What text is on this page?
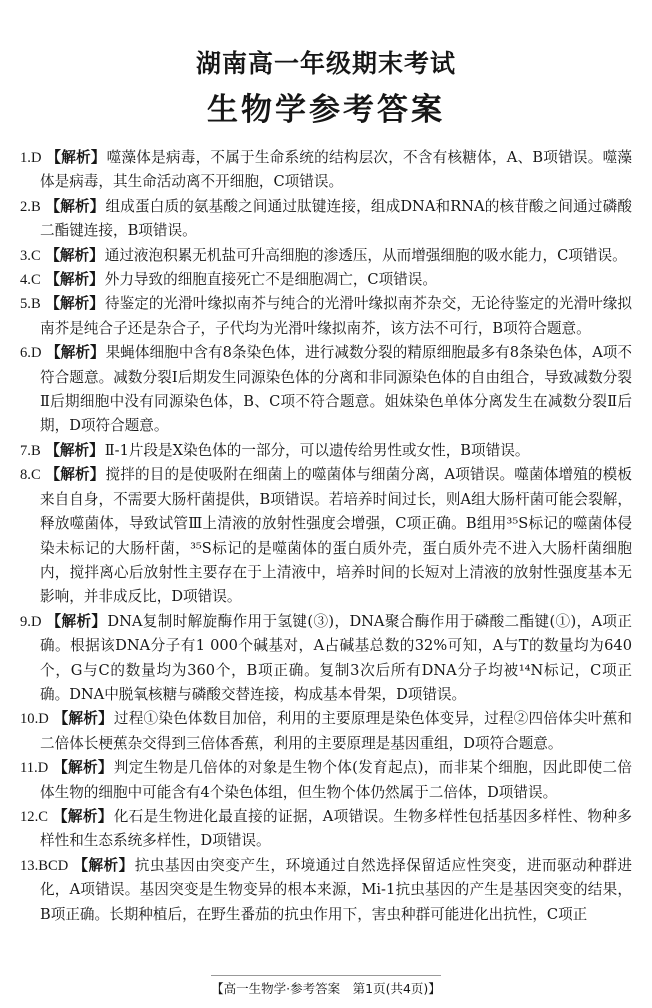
湖南高一年级期末考试
生物学参考答案

1.D 【解析】噬藻体是病毒，不属于生命系统的结构层次，不含有核糖体，A、B项错误。噬藻体是病毒，其生命活动离不开细胞，C项错误。

2.B 【解析】组成蛋白质的氨基酸之间通过肽键连接，组成DNA和RNA的核苷酸之间通过磷酸二酯键连接，B项错误。

3.C 【解析】通过液泡积累无机盐可升高细胞的渗透压，从而增强细胞的吸水能力，C项错误。

4.C 【解析】外力导致的细胞直接死亡不是细胞凋亡，C项错误。

5.B 【解析】待鉴定的光滑叶缘拟南芥与纯合的光滑叶缘拟南芥杂交，无论待鉴定的光滑叶缘拟南芥是纯合子还是杂合子，子代均为光滑叶缘拟南芥，该方法不可行，B项符合题意。

6.D 【解析】果蝇体细胞中含有8条染色体，进行减数分裂的精原细胞最多有8条染色体，A项不符合题意。减数分裂Ⅰ后期发生同源染色体的分离和非同源染色体的自由组合，导致减数分裂Ⅱ后期细胞中没有同源染色体，B、C项不符合题意。姐妹染色单体分离发生在减数分裂Ⅱ后期，D项符合题意。

7.B 【解析】Ⅱ-1片段是X染色体的一部分，可以遗传给男性或女性，B项错误。

8.C 【解析】搅拌的目的是使吸附在细菌上的噬菌体与细菌分离，A项错误。噬菌体增殖的模板来自自身，不需要大肠杆菌提供，B项错误。若培养时间过长，则A组大肠杆菌可能会裂解，释放噬菌体，导致试管Ⅲ上清液的放射性强度会增强，C项正确。B组用³⁵S标记的噬菌体侵染未标记的大肠杆菌，³⁵S标记的是噬菌体的蛋白质外壳，蛋白质外壳不进入大肠杆菌细胞内，搅拌离心后放射性主要存在于上清液中，培养时间的长短对上清液的放射性强度基本无影响，并非成反比，D项错误。

9.D 【解析】DNA复制时解旋酶作用于氢键(③)，DNA聚合酶作用于磷酸二酯键(①)，A项正确。根据该DNA分子有1 000个碱基对，A占碱基总数的32%可知，A与T的数量均为640个，G与C的数量均为360个，B项正确。复制3次后所有DNA分子均被¹⁴N标记，C项正确。DNA中脱氧核糖与磷酸交替连接，构成基本骨架，D项错误。

10.D 【解析】过程①染色体数目加倍，利用的主要原理是染色体变异，过程②四倍体尖叶蕉和二倍体长梗蕉杂交得到三倍体香蕉，利用的主要原理是基因重组，D项符合题意。

11.D 【解析】判定生物是几倍体的对象是生物个体(发育起点)，而非某个细胞，因此即使二倍体生物的细胞中可能含有4个染色体组，但生物个体仍然属于二倍体，D项错误。

12.C 【解析】化石是生物进化最直接的证据，A项错误。生物多样性包括基因多样性、物种多样性和生态系统多样性，D项错误。

13.BCD 【解析】抗虫基因由突变产生，环境通过自然选择保留适应性突变，进而驱动种群进化，A项错误。基因突变是生物变异的根本来源，Mi-1抗虫基因的产生是基因突变的结果，B项正确。长期种植后，在野生番茄的抗虫作用下，害虫种群可能进化出抗性，C项正

【高一生物学·参考答案　第1页(共4页)】
